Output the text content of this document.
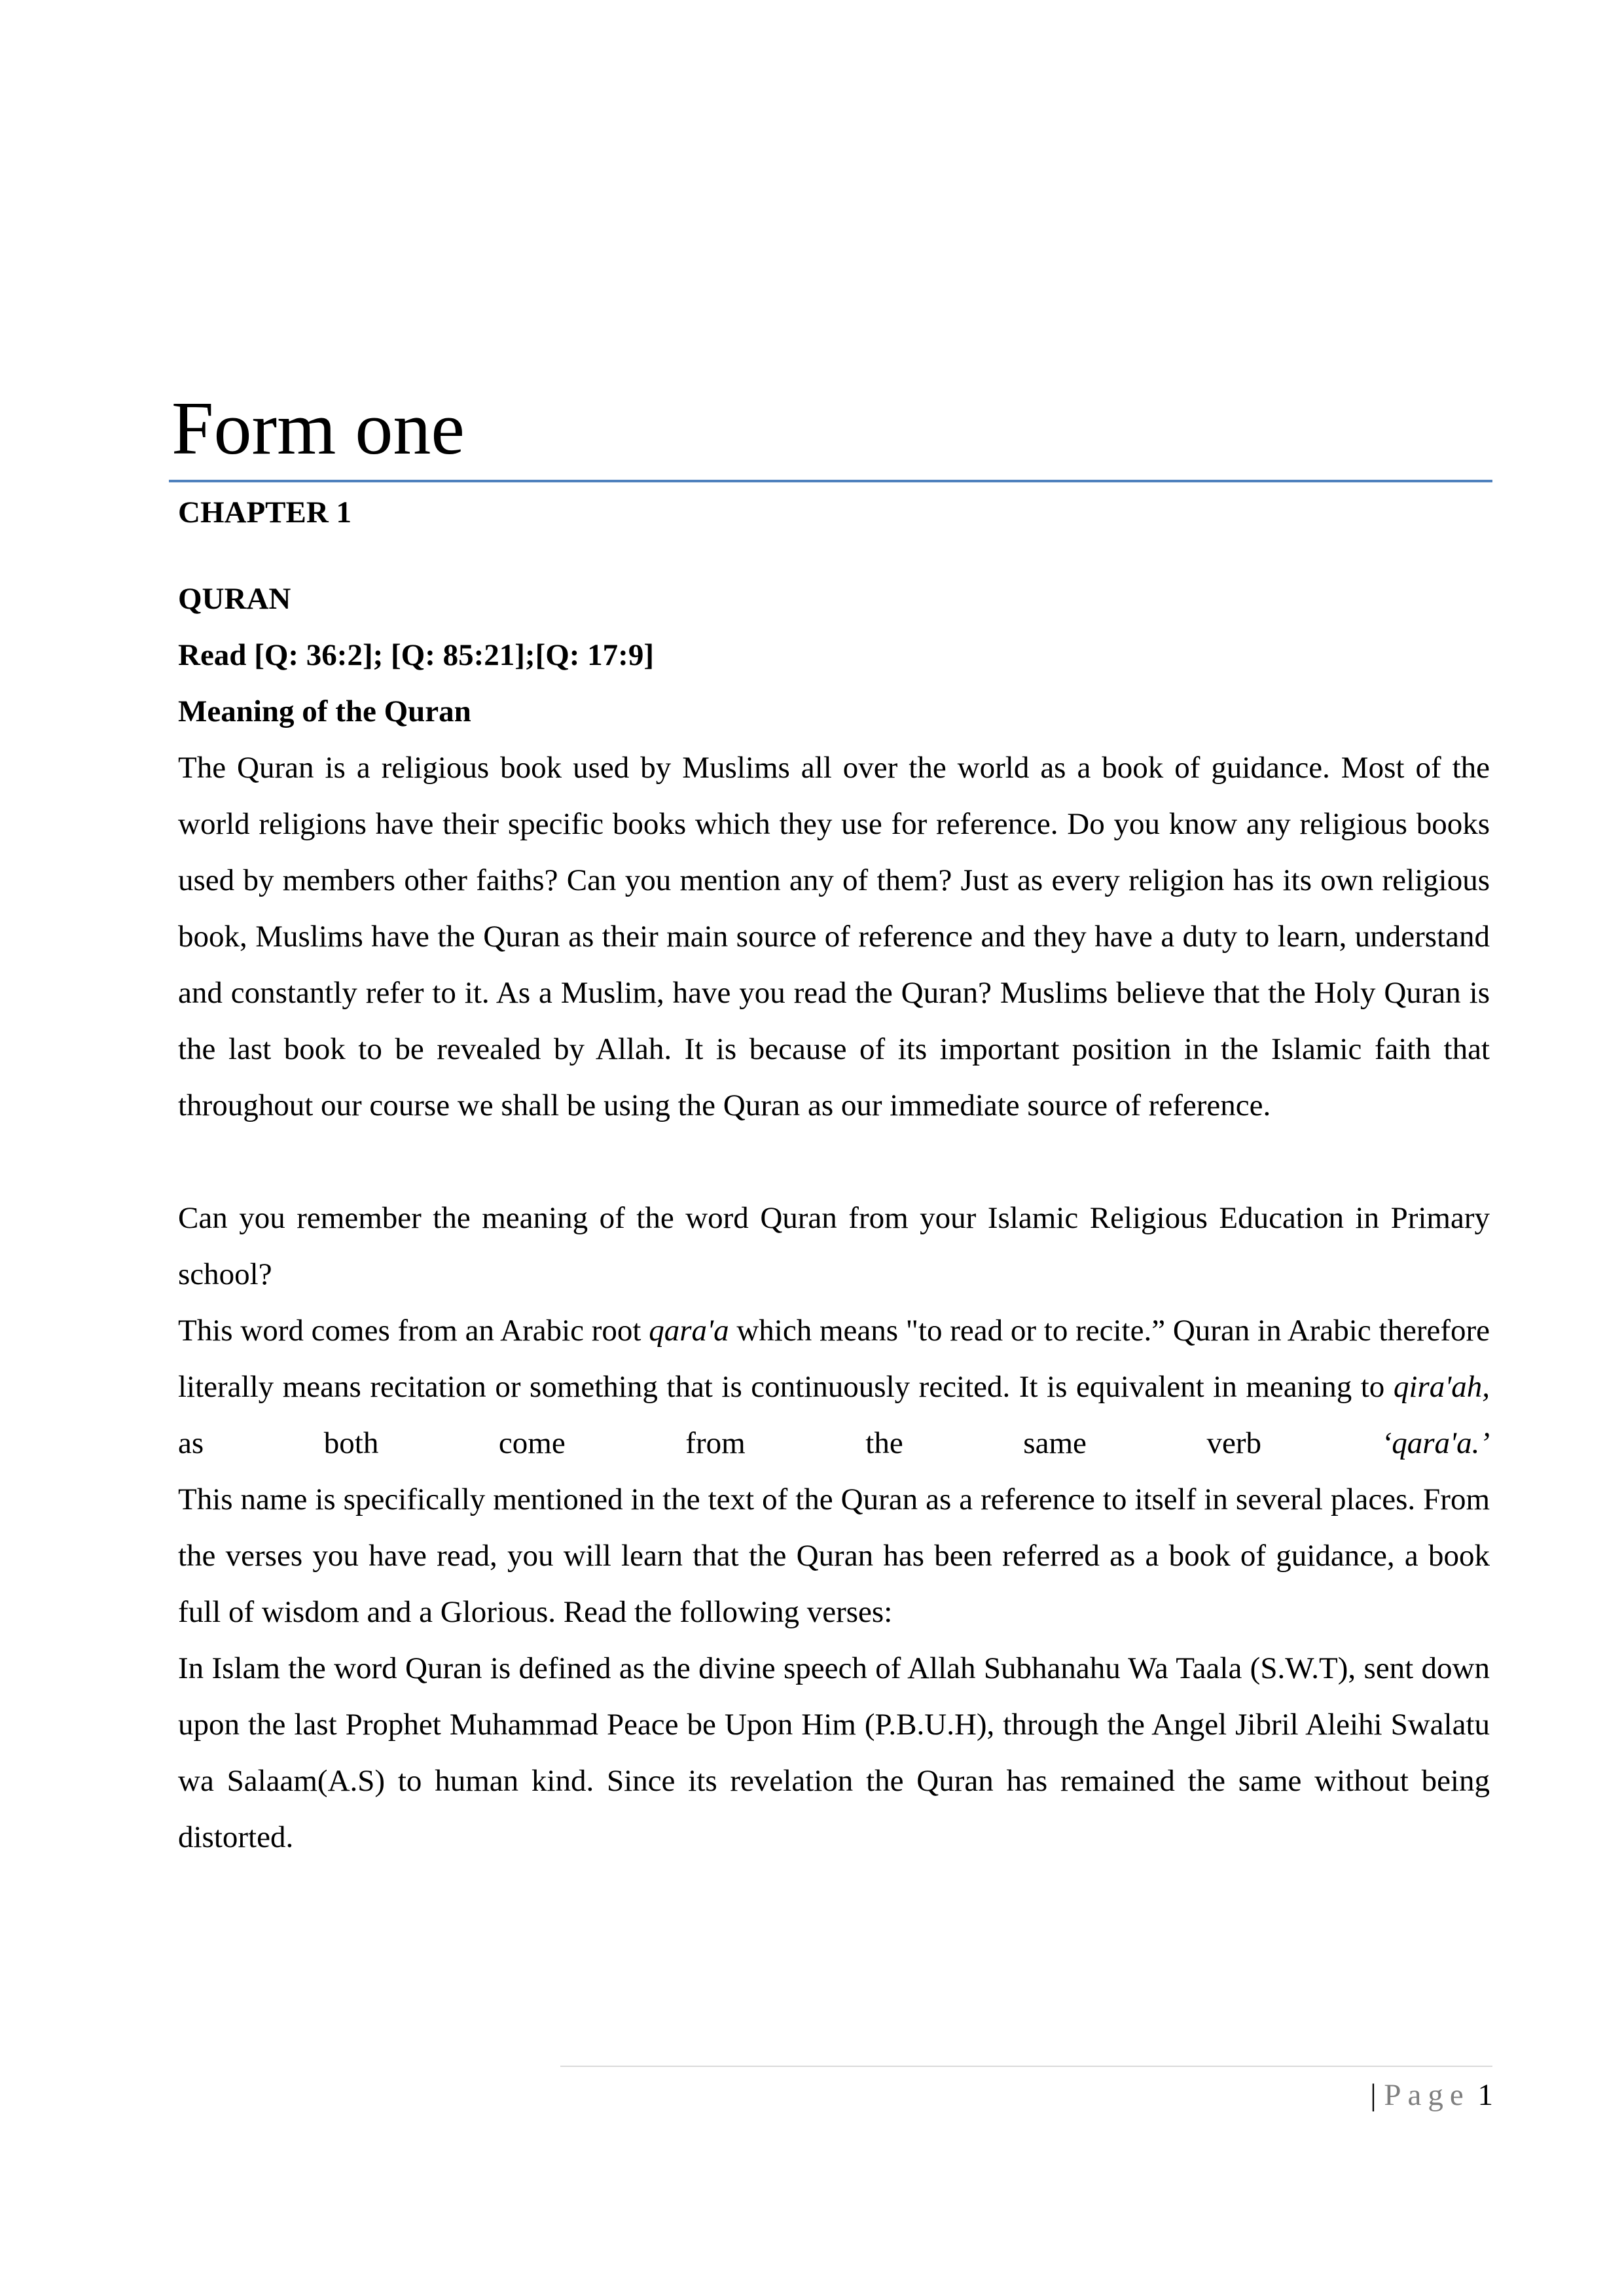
Form one
CHAPTER 1
QURAN
Read [Q: 36:2]; [Q: 85:21];[Q: 17:9]
Meaning of the Quran

The Quran is a religious book used by Muslims all over the world as a book of guidance. Most of the world religions have their specific books which they use for reference. Do you know any religious books used by members other faiths? Can you mention any of them? Just as every religion has its own religious book, Muslims have the Quran as their main source of reference and they have a duty to learn, understand and constantly refer to it. As a Muslim, have you read the Quran? Muslims believe that the Holy Quran is the last book to be revealed by Allah. It is because of its important position in the Islamic faith that throughout our course we shall be using the Quran as our immediate source of reference.

Can you remember the meaning of the word Quran from your Islamic Religious Education in Primary school?

This word comes from an Arabic root qara'a which means "to read or to recite.” Quran in Arabic therefore literally means recitation or something that is continuously recited. It is equivalent in meaning to qira'ah, as both come from the same verb ‘qara'a.’

This name is specifically mentioned in the text of the Quran as a reference to itself in several places. From the verses you have read, you will learn that the Quran has been referred as a book of guidance, a book full of wisdom and a Glorious. Read the following verses:

In Islam the word Quran is defined as the divine speech of Allah Subhanahu Wa Taala (S.W.T), sent down upon the last Prophet Muhammad Peace be Upon Him (P.B.U.H), through the Angel Jibril Aleihi Swalatu wa Salaam(A.S) to human kind. Since its revelation the Quran has remained the same without being distorted.

| Page 1
